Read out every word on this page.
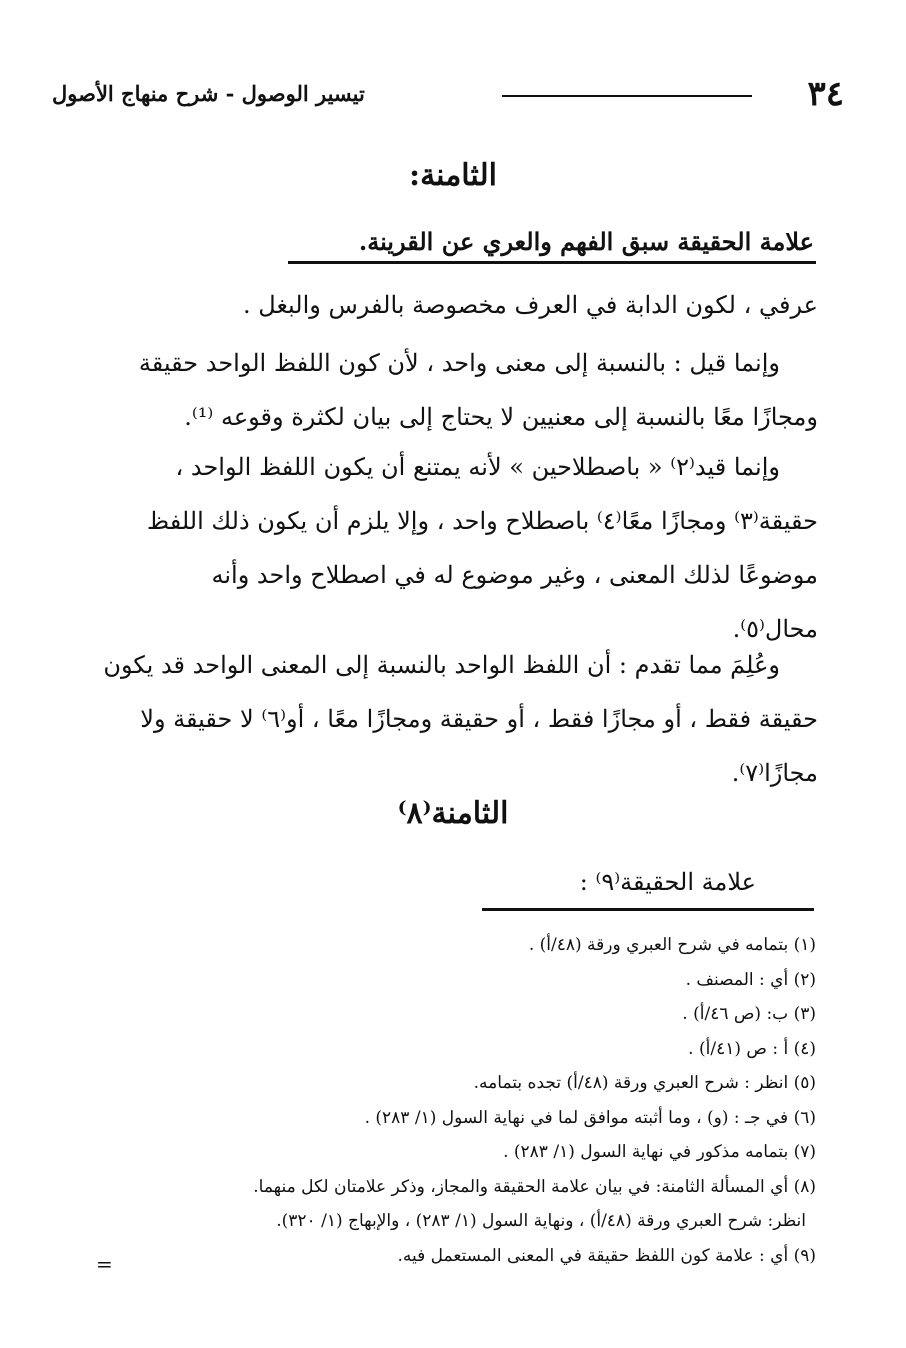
٣٤
تيسير الوصول - شرح منهاج الأصول
الثامنة:
علامة الحقيقة سبق الفهم والعري عن القرينة.
عرفي ، لكون الدابة في العرف مخصوصة بالفرس والبغل .
وإنما قيل : بالنسبة إلى معنى واحد ، لأن كون اللفظ الواحد حقيقة
ومجازًا معًا بالنسبة إلى معنيين لا يحتاج إلى بيان لكثرة وقوعه ⁽¹⁾.
وإنما قيد⁽٢⁾ « باصطلاحين » لأنه يمتنع أن يكون اللفظ الواحد ،
حقيقة⁽٣⁾ ومجازًا معًا⁽٤⁾ باصطلاح واحد ، وإلا يلزم أن يكون ذلك اللفظ
موضوعًا لذلك المعنى ، وغير موضوع له في اصطلاح واحد وأنه
محال⁽٥⁾.
وعُلِمَ مما تقدم : أن اللفظ الواحد بالنسبة إلى المعنى الواحد قد يكون
حقيقة فقط ، أو مجازًا فقط ، أو حقيقة ومجازًا معًا ، أو⁽٦⁾ لا حقيقة ولا
مجازًا⁽٧⁾.
الثامنة⁽٨⁾
علامة الحقيقة⁽٩⁾ :
(١) بتمامه في شرح العبري ورقة (٤٨/أ) .
(٢) أي : المصنف .
(٣) ب: (ص ٤٦/أ) .
(٤) أ : ص (٤١/أ) .
(٥) انظر : شرح العبري ورقة (٤٨/أ) تجده بتمامه.
(٦) في جـ : (و) ، وما أثبته موافق لما في نهاية السول (١/ ٢٨٣) .
(٧) بتمامه مذكور في نهاية السول (١/ ٢٨٣) .
(٨) أي المسألة الثامنة: في بيان علامة الحقيقة والمجاز، وذكر علامتان لكل منهما.
انظر: شرح العبري ورقة (٤٨/أ) ، ونهاية السول (١/ ٢٨٣) ، والإبهاج (١/ ٣٢٠).
(٩) أي : علامة كون اللفظ حقيقة في المعنى المستعمل فيه.
=
